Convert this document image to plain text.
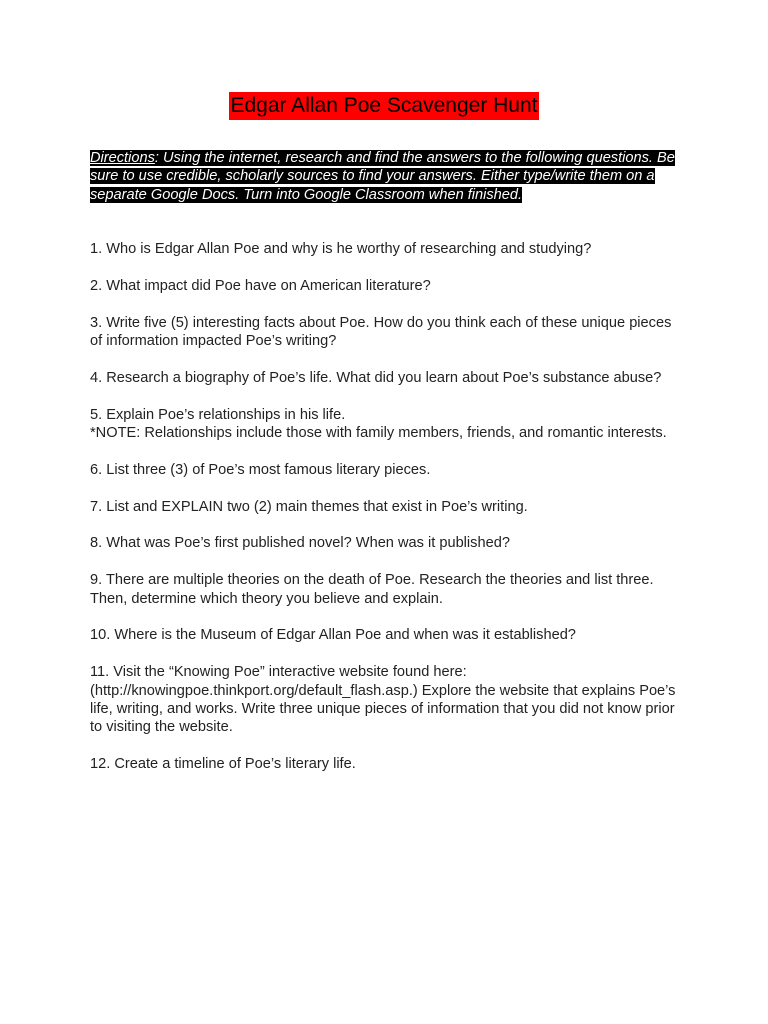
Edgar Allan Poe Scavenger Hunt
Directions: Using the internet, research and find the answers to the following questions. Be sure to use credible, scholarly sources to find your answers. Either type/write them on a separate Google Docs. Turn into Google Classroom when finished.
1. Who is Edgar Allan Poe and why is he worthy of researching and studying?
2. What impact did Poe have on American literature?
3. Write five (5) interesting facts about Poe. How do you think each of these unique pieces of information impacted Poe’s writing?
4. Research a biography of Poe’s life. What did you learn about Poe’s substance abuse?
5. Explain Poe’s relationships in his life.
*NOTE: Relationships include those with family members, friends, and romantic interests.
6. List three (3) of Poe’s most famous literary pieces.
7. List and EXPLAIN two (2) main themes that exist in Poe’s writing.
8. What was Poe’s first published novel? When was it published?
9. There are multiple theories on the death of Poe. Research the theories and list three. Then, determine which theory you believe and explain.
10. Where is the Museum of Edgar Allan Poe and when was it established?
11. Visit the “Knowing Poe” interactive website found here: (http://knowingpoe.thinkport.org/default_flash.asp.) Explore the website that explains Poe’s life, writing, and works. Write three unique pieces of information that you did not know prior to visiting the website.
12. Create a timeline of Poe’s literary life.
